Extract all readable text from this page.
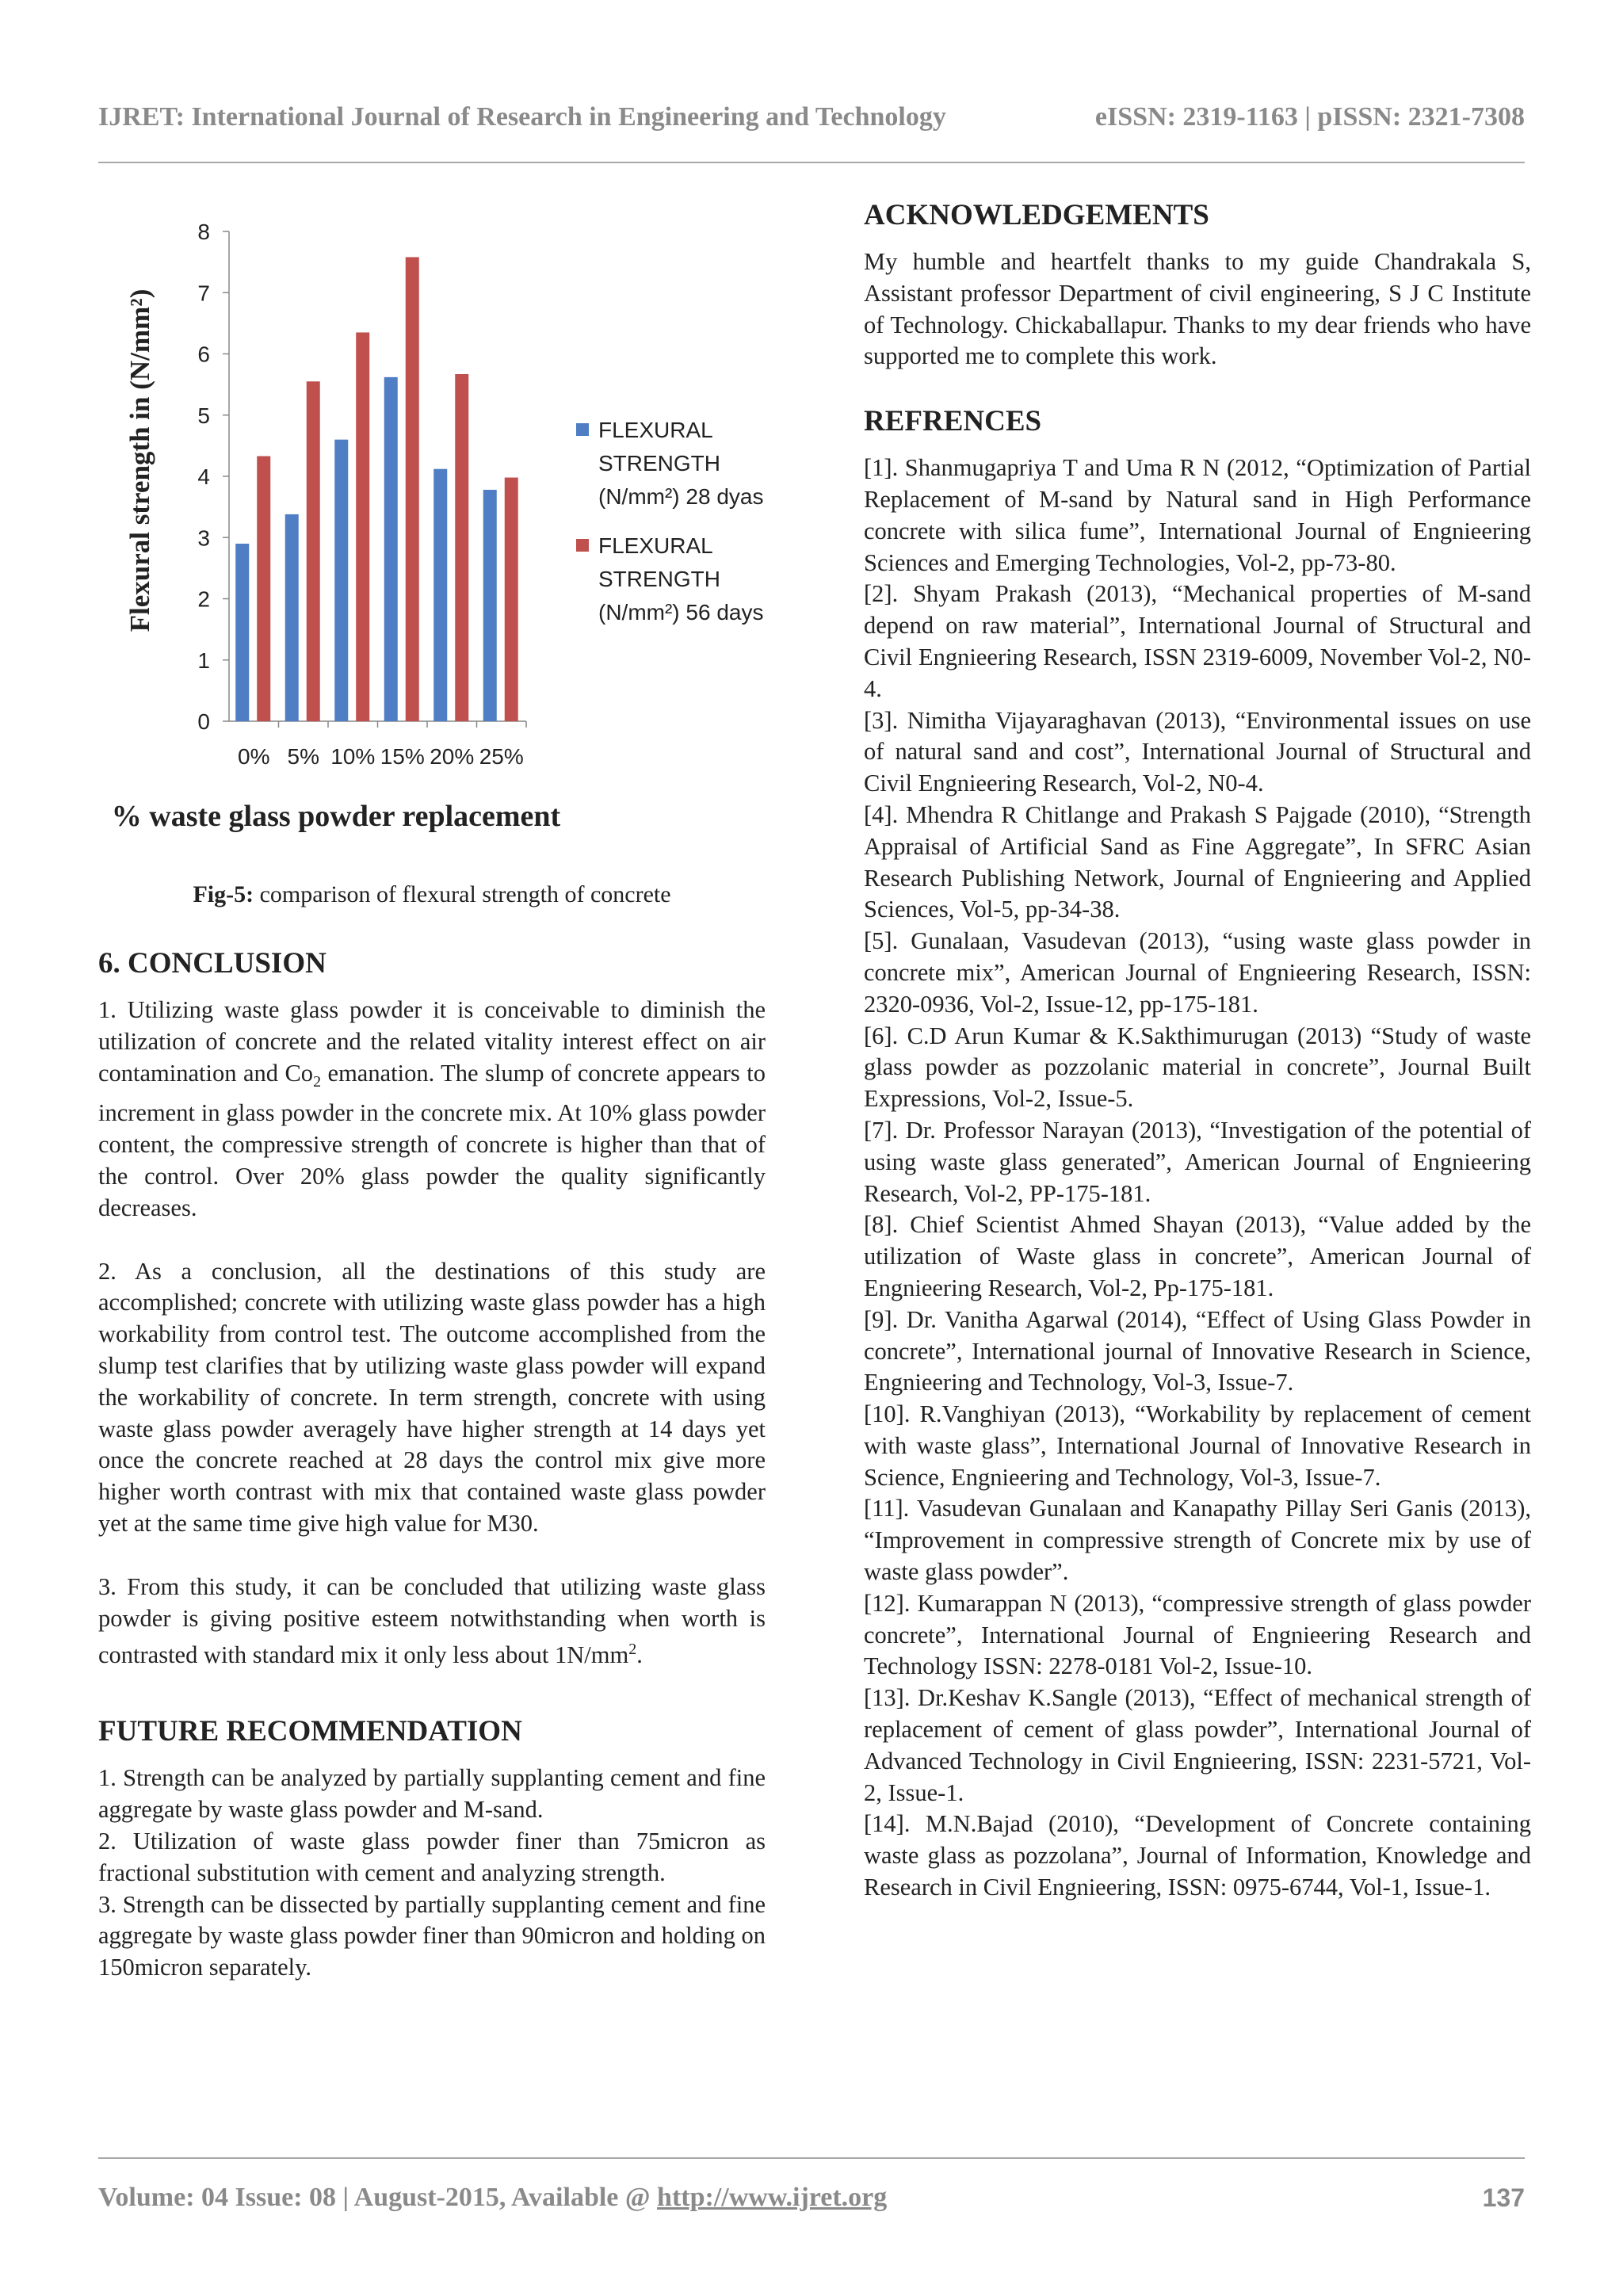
IJRET: International Journal of Research in Engineering and Technology	eISSN: 2319-1163 | pISSN: 2321-7308
0
1
2
3
4
5
6
7
8
0% 5% 10% 15% 20% 25%
Flexural strength in (N/mm²)
% waste glass powder replacement
FLEXURAL
STRENGTH
(N/mm²) 28 dyas
FLEXURAL
STRENGTH
(N/mm²) 56 days
Fig-5: comparison of flexural strength of concrete
6. CONCLUSION

1. Utilizing waste glass powder it is conceivable to diminish the utilization of concrete and the related vitality interest effect on air contamination and $Co_2$ emanation. The slump of concrete appears to increment in glass powder in the concrete mix. At 10% glass powder content, the compressive strength of concrete is higher than that of the control. Over 20% glass powder the quality significantly decreases.

2. As a conclusion, all the destinations of this study are accomplished; concrete with utilizing waste glass powder has a high workability from control test. The outcome accomplished from the slump test clarifies that by utilizing waste glass powder will expand the workability of concrete. In term strength, concrete with using waste glass powder averagely have higher strength at 14 days yet once the concrete reached at 28 days the control mix give more higher worth contrast with mix that contained waste glass powder yet at the same time give high value for M30.

3. From this study, it can be concluded that utilizing waste glass powder is giving positive esteem notwithstanding when worth is contrasted with standard mix it only less about $1N/mm^2$.

FUTURE RECOMMENDATION

1. Strength can be analyzed by partially supplanting cement and fine aggregate by waste glass powder and M-sand.

2. Utilization of waste glass powder finer than 75micron as fractional substitution with cement and analyzing strength.

3. Strength can be dissected by partially supplanting cement and fine aggregate by waste glass powder finer than 90micron and holding on 150micron separately.

ACKNOWLEDGEMENTS

My humble and heartfelt thanks to my guide Chandrakala S, Assistant professor Department of civil engineering, S J C Institute of Technology. Chickaballapur. Thanks to my dear friends who have supported me to complete this work.

REFRENCES

[1]. Shanmugapriya T and Uma R N (2012, “Optimization of Partial Replacement of M-sand by Natural sand in High Performance concrete with silica fume”, International Journal of Engnieering Sciences and Emerging Technologies, Vol-2, pp-73-80.

[2]. Shyam Prakash (2013), “Mechanical properties of M-sand depend on raw material”, International Journal of Structural and Civil Engnieering Research, ISSN 2319-6009, November Vol-2, N0-4.

[3]. Nimitha Vijayaraghavan (2013), “Environmental issues on use of natural sand and cost”, International Journal of Structural and Civil Engnieering Research, Vol-2, N0-4.

[4]. Mhendra R Chitlange and Prakash S Pajgade (2010), “Strength Appraisal of Artificial Sand as Fine Aggregate”, In SFRC Asian Research Publishing Network, Journal of Engnieering and Applied Sciences, Vol-5, pp-34-38.

[5]. Gunalaan, Vasudevan (2013), “using waste glass powder in concrete mix”, American Journal of Engnieering Research, ISSN: 2320-0936, Vol-2, Issue-12, pp-175-181.

[6]. C.D Arun Kumar & K.Sakthimurugan (2013) “Study of waste glass powder as pozzolanic material in concrete”, Journal Built Expressions, Vol-2, Issue-5.

[7]. Dr. Professor Narayan (2013), “Investigation of the potential of using waste glass generated”, American Journal of Engnieering Research, Vol-2, PP-175-181.

[8]. Chief Scientist Ahmed Shayan (2013), “Value added by the utilization of Waste glass in concrete”, American Journal of Engnieering Research, Vol-2, Pp-175-181.

[9]. Dr. Vanitha Agarwal (2014), “Effect of Using Glass Powder in concrete”, International journal of Innovative Research in Science, Engnieering and Technology, Vol-3, Issue-7.

[10]. R.Vanghiyan (2013), “Workability by replacement of cement with waste glass”, International Journal of Innovative Research in Science, Engnieering and Technology, Vol-3, Issue-7.

[11]. Vasudevan Gunalaan and Kanapathy Pillay Seri Ganis (2013), “Improvement in compressive strength of Concrete mix by use of waste glass powder”.

[12]. Kumarappan N (2013), “compressive strength of glass powder concrete”, International Journal of Engnieering Research and Technology ISSN: 2278-0181 Vol-2, Issue-10.

[13]. Dr.Keshav K.Sangle (2013), “Effect of mechanical strength of replacement of cement of glass powder”, International Journal of Advanced Technology in Civil Engnieering, ISSN: 2231-5721, Vol-2, Issue-1.

[14]. M.N.Bajad (2010), “Development of Concrete containing waste glass as pozzolana”, Journal of Information, Knowledge and Research in Civil Engnieering, ISSN: 0975-6744, Vol-1, Issue-1.

Volume: 04 Issue: 08 | August-2015, Available @ http://www.ijret.org	137
